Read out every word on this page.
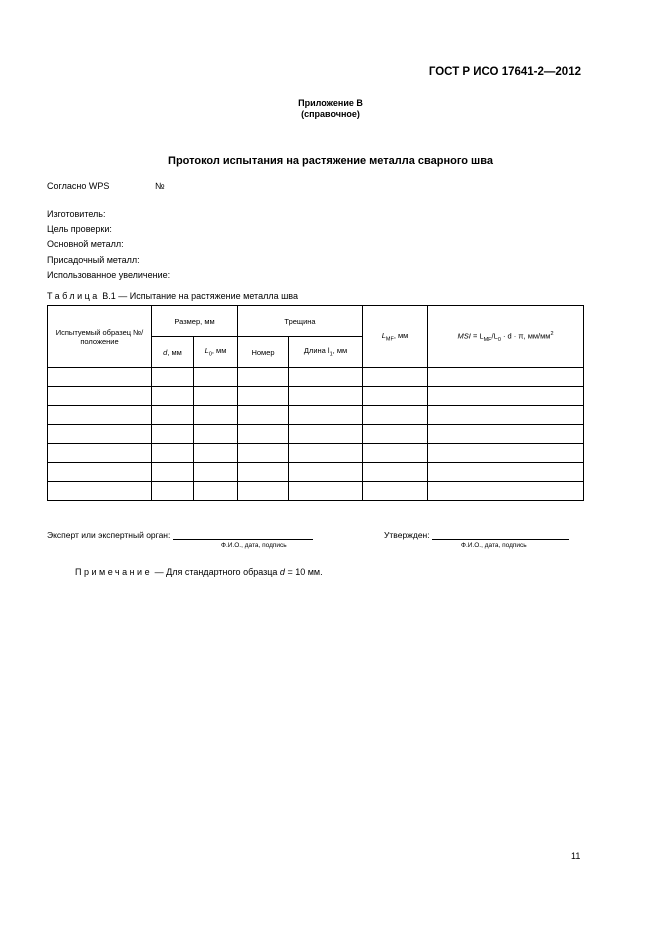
ГОСТ Р ИСО 17641-2—2012
Приложение В
(справочное)
Протокол испытания на растяжение металла сварного шва
Согласно WPS	№
Изготовитель:
Цель проверки:
Основной металл:
Присадочный металл:
Использованное увеличение:
Таблица В.1 — Испытание на растяжение металла шва
Испытуемый образец №/положение	Размер, мм		Трещина		$L_{MF}$, мм	MSI = $L_{MF}/L_0 \cdot d \cdot \pi$, $мм/мм^2$
	d, мм	$L_0$, мм	Номер	Длина $l_1$, мм		

Эксперт или экспертный орган:	Утвержден:
Ф.И.О., дата, подпись	Ф.И.О., дата, подпись
Примечание — Для стандартного образца d = 10 мм.
11
